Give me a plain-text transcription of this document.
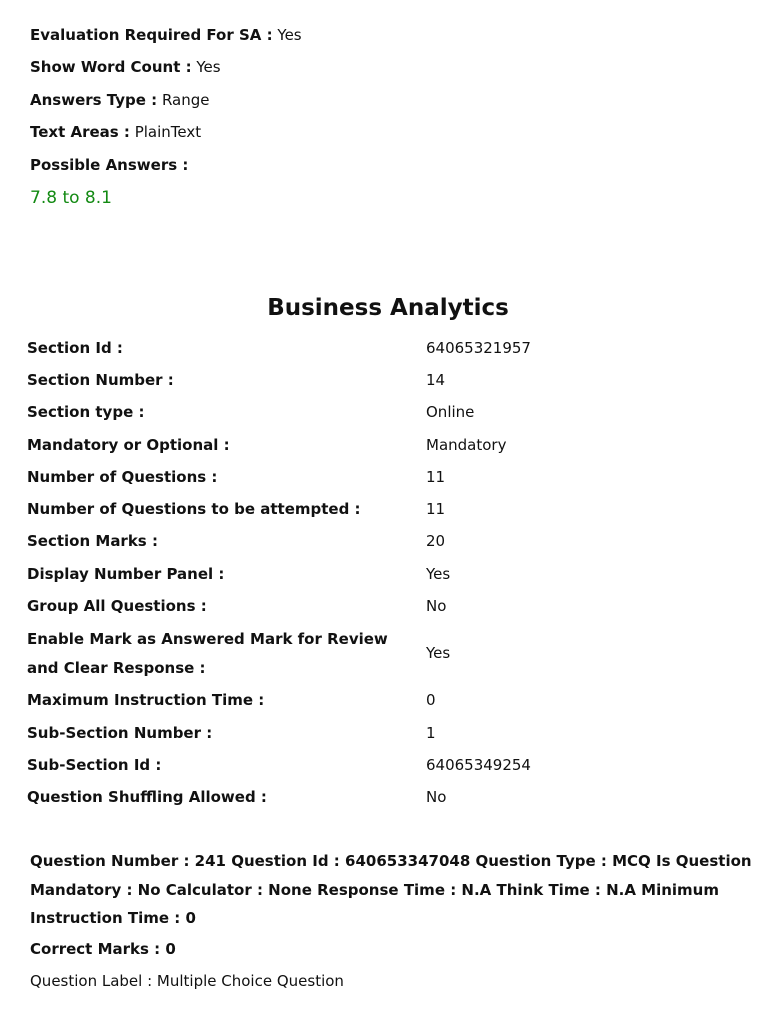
Evaluation Required For SA : Yes
Show Word Count : Yes
Answers Type : Range
Text Areas : PlainText
Possible Answers :
7.8 to 8.1
Business Analytics
Section Id :	64065321957
Section Number :	14
Section type :	Online
Mandatory or Optional :	Mandatory
Number of Questions :	11
Number of Questions to be attempted :	11
Section Marks :	20
Display Number Panel :	Yes
Group All Questions :	No
Enable Mark as Answered Mark for Review and Clear Response :
Yes
Maximum Instruction Time :	0
Sub-Section Number :	1
Sub-Section Id :	64065349254
Question Shuffling Allowed :	No
Question Number : 241 Question Id : 640653347048 Question Type : MCQ Is Question Mandatory : No Calculator : None Response Time : N.A Think Time : N.A Minimum Instruction Time : 0
Correct Marks : 0
Question Label : Multiple Choice Question
